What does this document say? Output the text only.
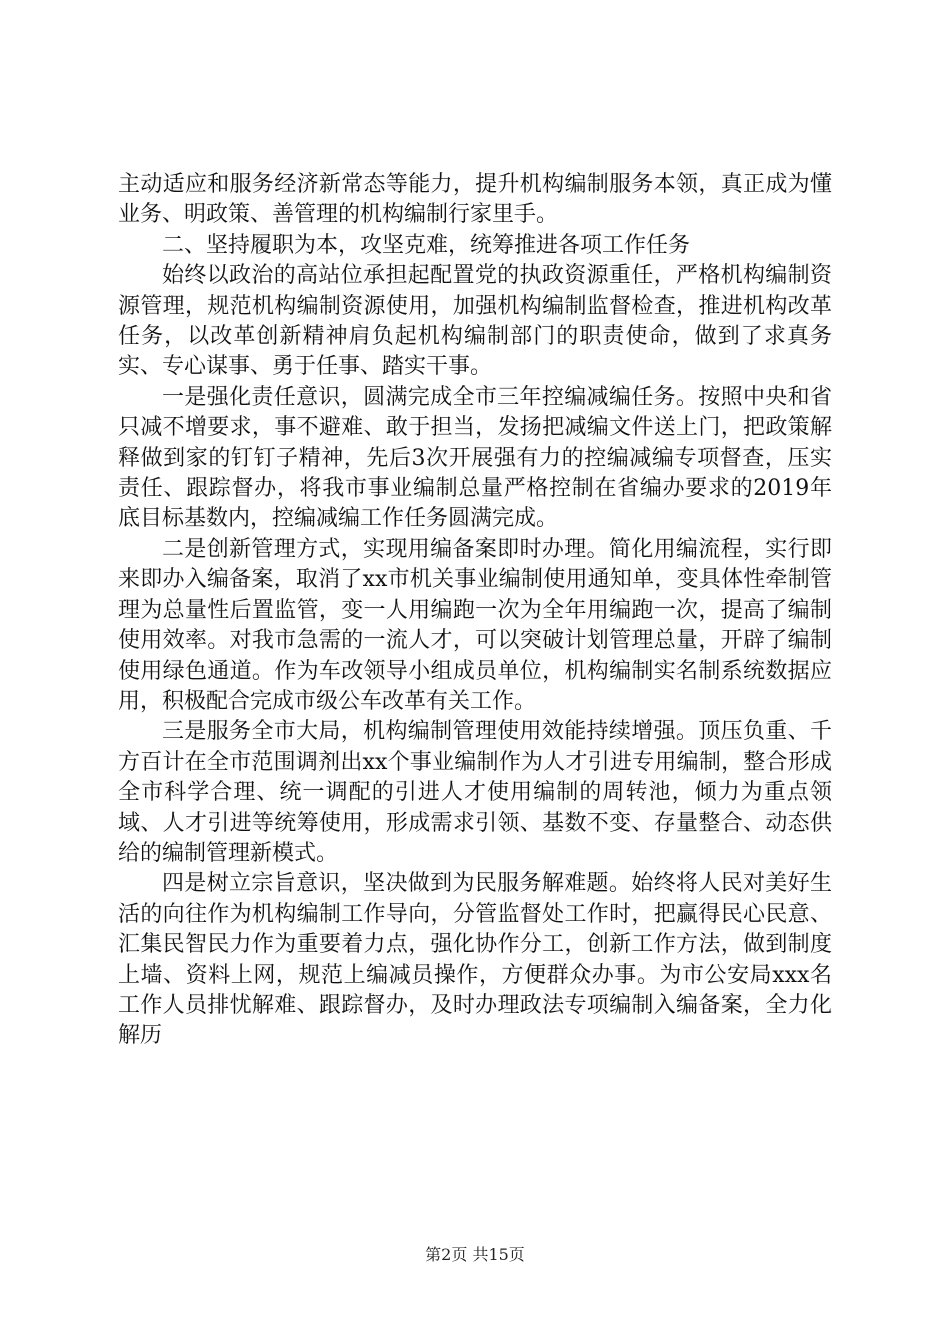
主动适应和服务经济新常态等能力，提升机构编制服务本领，真正成为懂业务、明政策、善管理的机构编制行家里手。

二、坚持履职为本，攻坚克难，统筹推进各项工作任务

始终以政治的高站位承担起配置党的执政资源重任，严格机构编制资源管理，规范机构编制资源使用，加强机构编制监督检查，推进机构改革任务，以改革创新精神肩负起机构编制部门的职责使命，做到了求真务实、专心谋事、勇于任事、踏实干事。

一是强化责任意识，圆满完成全市三年控编减编任务。按照中央和省只减不增要求，事不避难、敢于担当，发扬把减编文件送上门，把政策解释做到家的钉钉子精神，先后3次开展强有力的控编减编专项督查，压实责任、跟踪督办，将我市事业编制总量严格控制在省编办要求的2019年底目标基数内，控编减编工作任务圆满完成。

二是创新管理方式，实现用编备案即时办理。简化用编流程，实行即来即办入编备案，取消了xx市机关事业编制使用通知单，变具体性牵制管理为总量性后置监管，变一人用编跑一次为全年用编跑一次，提高了编制使用效率。对我市急需的一流人才，可以突破计划管理总量，开辟了编制使用绿色通道。作为车改领导小组成员单位，机构编制实名制系统数据应用，积极配合完成市级公车改革有关工作。

三是服务全市大局，机构编制管理使用效能持续增强。顶压负重、千方百计在全市范围调剂出xx个事业编制作为人才引进专用编制，整合形成全市科学合理、统一调配的引进人才使用编制的周转池，倾力为重点领域、人才引进等统筹使用，形成需求引领、基数不变、存量整合、动态供给的编制管理新模式。

四是树立宗旨意识，坚决做到为民服务解难题。始终将人民对美好生活的向往作为机构编制工作导向，分管监督处工作时，把赢得民心民意、汇集民智民力作为重要着力点，强化协作分工，创新工作方法，做到制度上墙、资料上网，规范上编减员操作，方便群众办事。为市公安局xxx名工作人员排忧解难、跟踪督办，及时办理政法专项编制入编备案，全力化解历

第2页 共15页
